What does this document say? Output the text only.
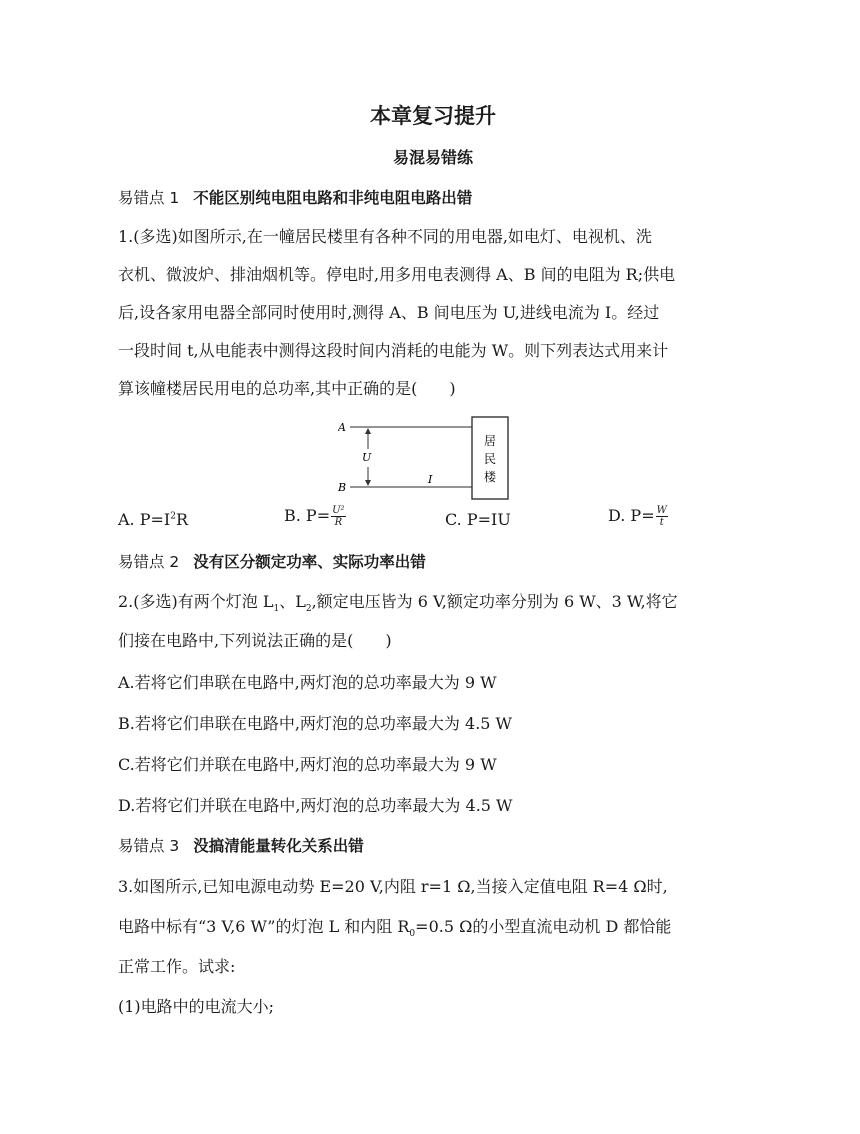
本章复习提升
易混易错练
易错点 1 不能区别纯电阻电路和非纯电阻电路出错
1.(多选)如图所示,在一幢居民楼里有各种不同的用电器,如电灯、电视机、洗
衣机、微波炉、排油烟机等。停电时,用多用电表测得 A、B 间的电阻为 R;供电
后,设各家用电器全部同时使用时,测得 A、B 间电压为 U,进线电流为 I。经过
一段时间 t,从电能表中测得这段时间内消耗的电能为 W。则下列表达式用来计
算该幢楼居民用电的总功率,其中正确的是(　　)
A
B
U
I
居
民
楼
A. $P=I^2R$	B. $P= \frac{\text{U²}}{R}$	C. P=IU	D. $P= \frac{W}{t}$
易错点 2 没有区分额定功率、实际功率出错
2.(多选)有两个灯泡 $L_1$、$L_2$,额定电压皆为 6 V,额定功率分别为 6 W、3 W,将它
们接在电路中,下列说法正确的是(　　)
A.若将它们串联在电路中,两灯泡的总功率最大为 9 W
B.若将它们串联在电路中,两灯泡的总功率最大为 4.5 W
C.若将它们并联在电路中,两灯泡的总功率最大为 9 W
D.若将它们并联在电路中,两灯泡的总功率最大为 4.5 W
易错点 3 没搞清能量转化关系出错
3.如图所示,已知电源电动势 E=20 V,内阻 r=1 Ω,当接入定值电阻 R=4 Ω时,
电路中标有“3 V,6 W”的灯泡 L 和内阻 $R_0=0.5$ Ω的小型直流电动机 D 都恰能
正常工作。试求:
(1)电路中的电流大小;
